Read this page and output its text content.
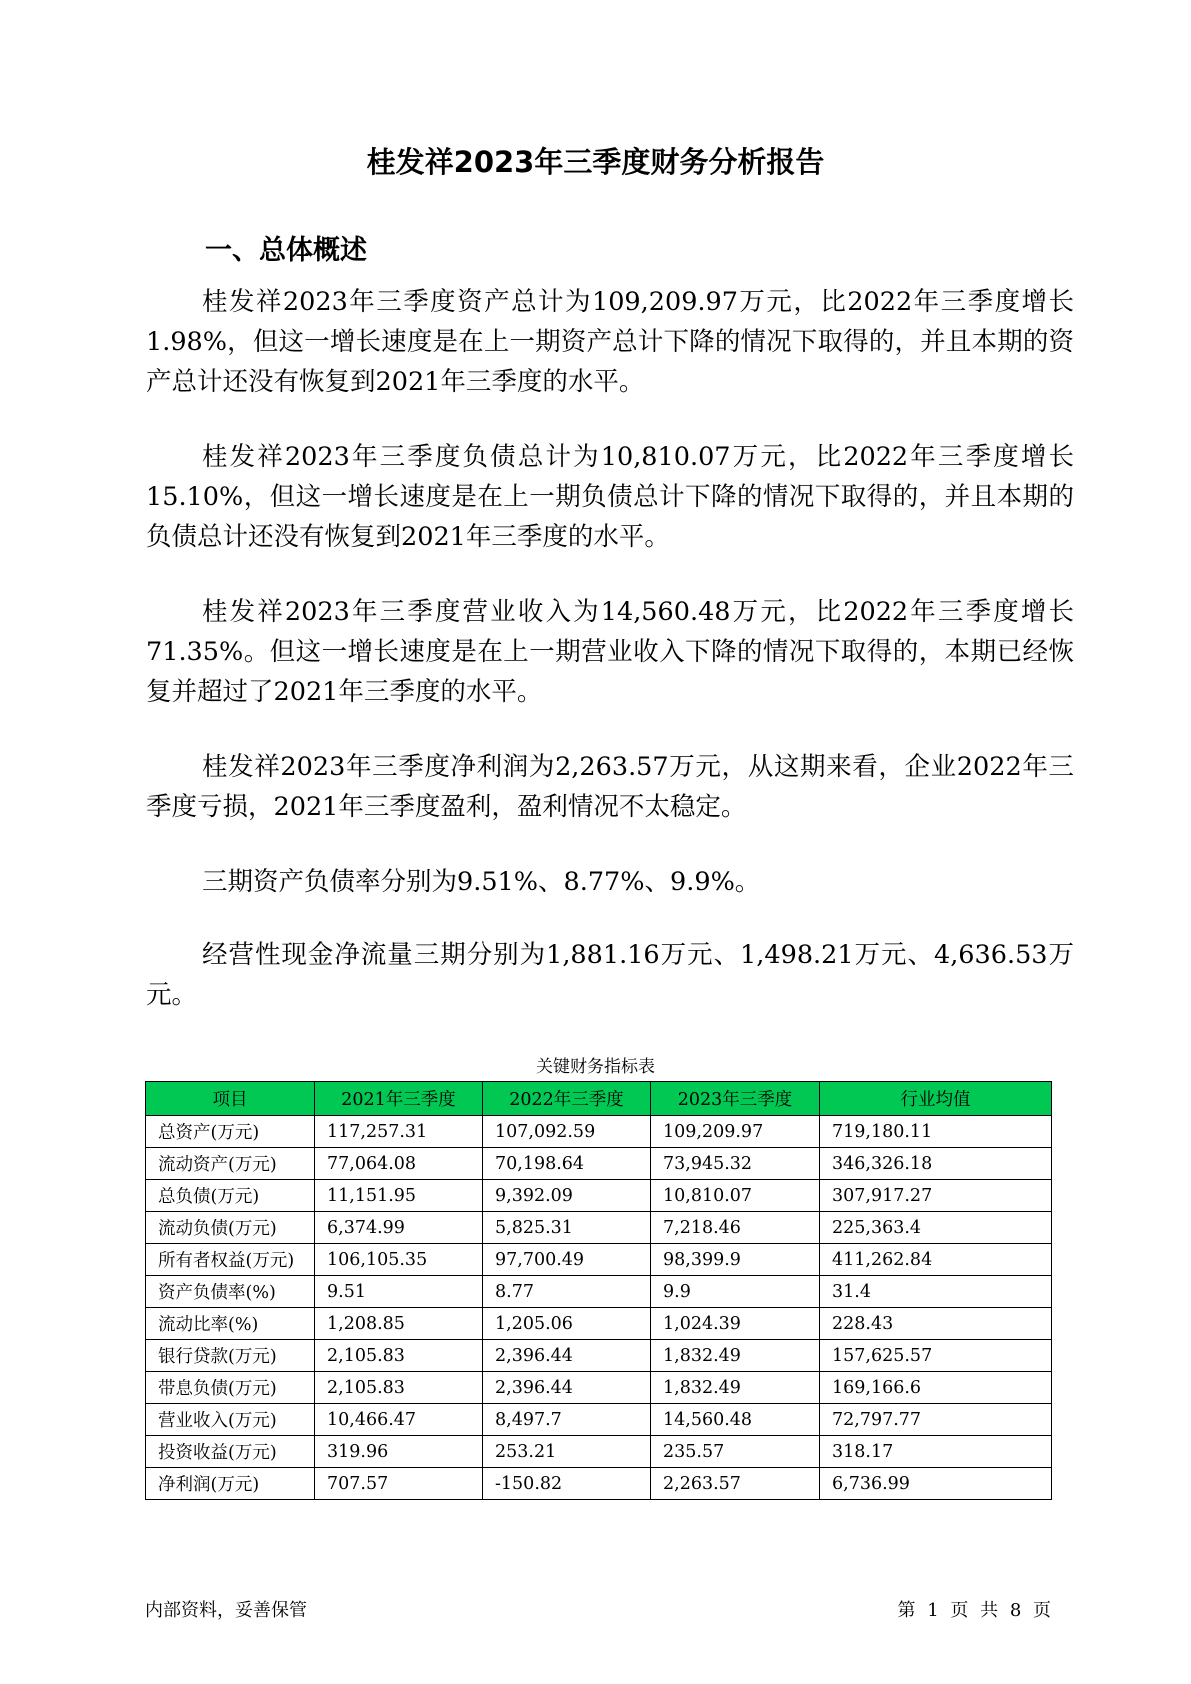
桂发祥2023年三季度财务分析报告
一、总体概述

桂发祥2023年三季度资产总计为109,209.97万元，比2022年三季度增长1.98%，但这一增长速度是在上一期资产总计下降的情况下取得的，并且本期的资产总计还没有恢复到2021年三季度的水平。

桂发祥2023年三季度负债总计为10,810.07万元，比2022年三季度增长15.10%，但这一增长速度是在上一期负债总计下降的情况下取得的，并且本期的负债总计还没有恢复到2021年三季度的水平。

桂发祥2023年三季度营业收入为14,560.48万元，比2022年三季度增长71.35%。但这一增长速度是在上一期营业收入下降的情况下取得的，本期已经恢复并超过了2021年三季度的水平。

桂发祥2023年三季度净利润为2,263.57万元，从这期来看，企业2022年三季度亏损，2021年三季度盈利，盈利情况不太稳定。

三期资产负债率分别为9.51%、8.77%、9.9%。

经营性现金净流量三期分别为1,881.16万元、1,498.21万元、4,636.53万元。

关键财务指标表

项目	2021年三季度	2022年三季度	2023年三季度	行业均值
总资产(万元)	117,257.31	107,092.59	109,209.97	719,180.11
流动资产(万元)	77,064.08	70,198.64	73,945.32	346,326.18
总负债(万元)	11,151.95	9,392.09	10,810.07	307,917.27
流动负债(万元)	6,374.99	5,825.31	7,218.46	225,363.4
所有者权益(万元)	106,105.35	97,700.49	98,399.9	411,262.84
资产负债率(%)	9.51	8.77	9.9	31.4
流动比率(%)	1,208.85	1,205.06	1,024.39	228.43
银行贷款(万元)	2,105.83	2,396.44	1,832.49	157,625.57
带息负债(万元)	2,105.83	2,396.44	1,832.49	169,166.6
营业收入(万元)	10,466.47	8,497.7	14,560.48	72,797.77
投资收益(万元)	319.96	253.21	235.57	318.17
净利润(万元)	707.57	-150.82	2,263.57	6,736.99

内部资料，妥善保管	第 1 页 共 8 页
